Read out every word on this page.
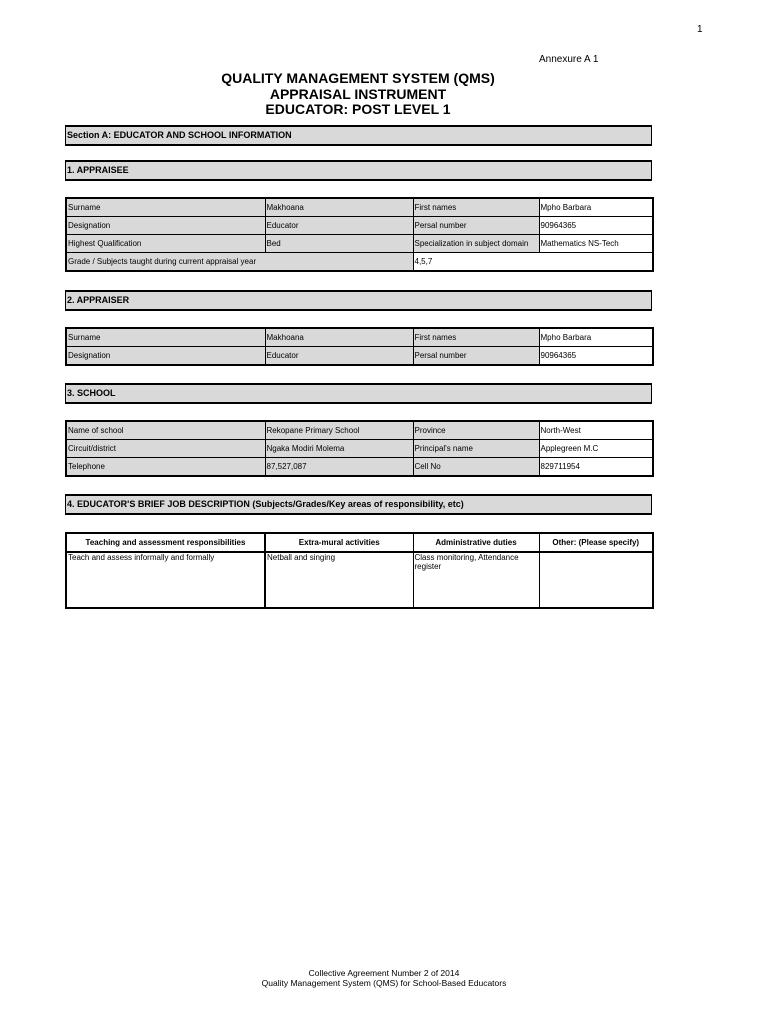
1
Annexure A 1
QUALITY MANAGEMENT SYSTEM (QMS)
APPRAISAL INSTRUMENT
EDUCATOR: POST LEVEL 1
Section A: EDUCATOR AND SCHOOL INFORMATION
1. APPRAISEE
Surname	Makhoana	First names	Mpho Barbara
Designation	Educator	Persal number	90964365
Highest Qualification	Bed	Specialization in subject domain	Mathematics NS-Tech
Grade / Subjects taught during current appraisal year		4,5,7	
2. APPRAISER
Surname	Makhoana	First names	Mpho Barbara
Designation	Educator	Persal number	90964365
3. SCHOOL
Name of school	Rekopane Primary School	Province	North-West
Circuit/district	Ngaka Modiri Molema	Principal's name	Applegreen M.C
Telephone	87,527,087	Cell No	829711954
4. EDUCATOR'S BRIEF JOB DESCRIPTION (Subjects/Grades/Key areas of responsibility, etc)
Teaching and assessment responsibilities	Extra-mural activities	Administrative duties	Other: (Please specify)
Teach and assess informally and formally	Netball and singing	Class monitoring, Attendance register	
Collective Agreement Number 2 of 2014
Quality Management System (QMS) for School-Based Educators
